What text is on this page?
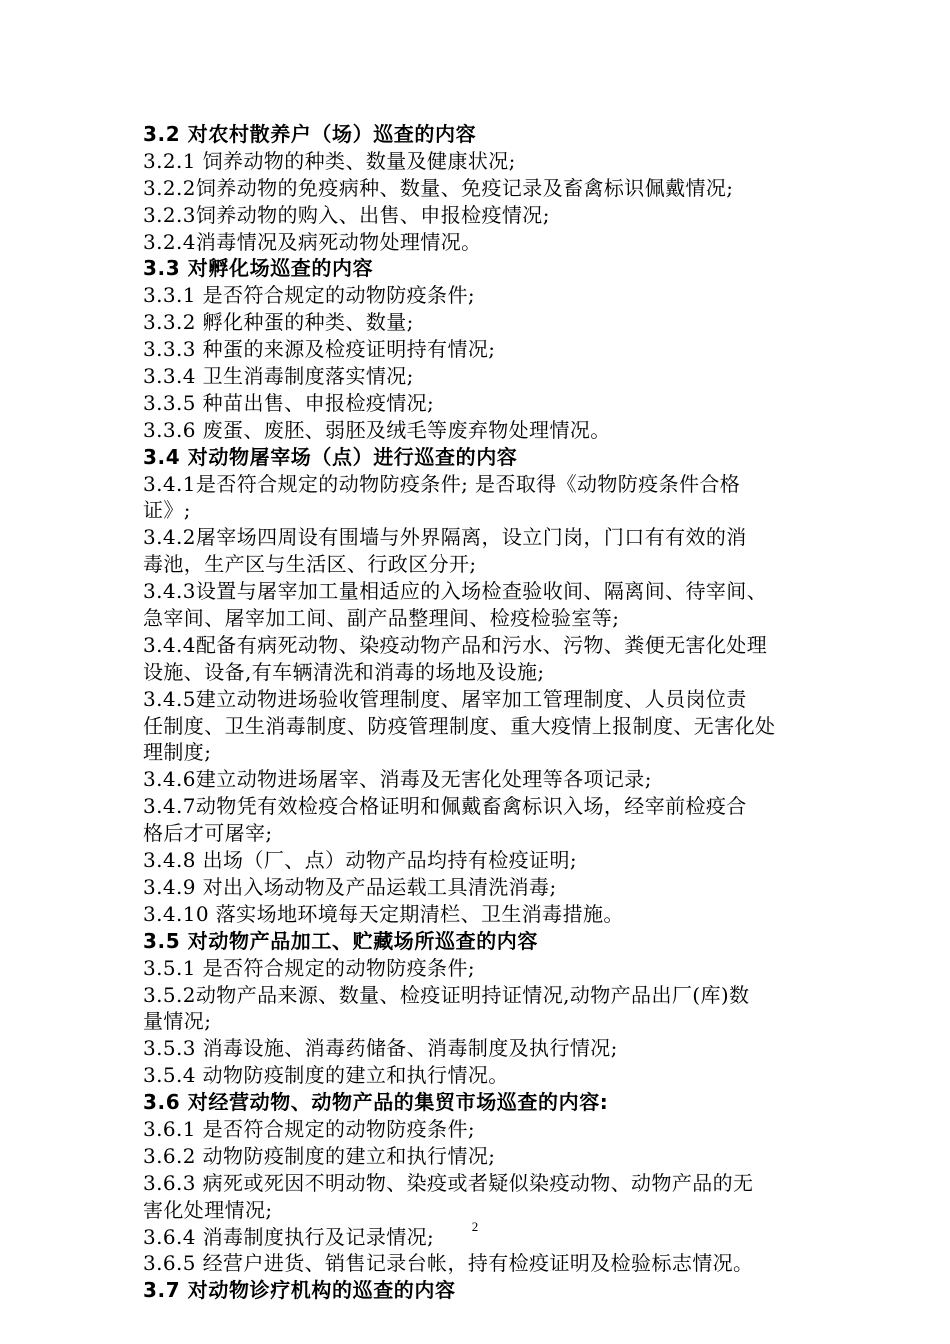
3.2 对农村散养户（场）巡查的内容
3.2.1 饲养动物的种类、数量及健康状况;
3.2.2饲养动物的免疫病种、数量、免疫记录及畜禽标识佩戴情况;
3.2.3饲养动物的购入、出售、申报检疫情况;
3.2.4消毒情况及病死动物处理情况。
3.3 对孵化场巡查的内容
3.3.1 是否符合规定的动物防疫条件;
3.3.2 孵化种蛋的种类、数量;
3.3.3 种蛋的来源及检疫证明持有情况;
3.3.4 卫生消毒制度落实情况;
3.3.5 种苗出售、申报检疫情况;
3.3.6 废蛋、废胚、弱胚及绒毛等废弃物处理情况。
3.4 对动物屠宰场（点）进行巡查的内容
3.4.1是否符合规定的动物防疫条件; 是否取得《动物防疫条件合格
证》;
3.4.2屠宰场四周设有围墙与外界隔离，设立门岗，门口有有效的消
毒池，生产区与生活区、行政区分开;
3.4.3设置与屠宰加工量相适应的入场检查验收间、隔离间、待宰间、
急宰间、屠宰加工间、副产品整理间、检疫检验室等;
3.4.4配备有病死动物、染疫动物产品和污水、污物、粪便无害化处理
设施、设备,有车辆清洗和消毒的场地及设施;
3.4.5建立动物进场验收管理制度、屠宰加工管理制度、人员岗位责
任制度、卫生消毒制度、防疫管理制度、重大疫情上报制度、无害化处
理制度;
3.4.6建立动物进场屠宰、消毒及无害化处理等各项记录;
3.4.7动物凭有效检疫合格证明和佩戴畜禽标识入场，经宰前检疫合
格后才可屠宰;
3.4.8 出场（厂、点）动物产品均持有检疫证明;
3.4.9 对出入场动物及产品运载工具清洗消毒;
3.4.10 落实场地环境每天定期清栏、卫生消毒措施。
3.5 对动物产品加工、贮藏场所巡查的内容
3.5.1 是否符合规定的动物防疫条件;
3.5.2动物产品来源、数量、检疫证明持证情况,动物产品出厂(库)数
量情况;
3.5.3 消毒设施、消毒药储备、消毒制度及执行情况;
3.5.4 动物防疫制度的建立和执行情况。
3.6 对经营动物、动物产品的集贸市场巡查的内容:
3.6.1 是否符合规定的动物防疫条件;
3.6.2 动物防疫制度的建立和执行情况;
3.6.3 病死或死因不明动物、染疫或者疑似染疫动物、动物产品的无
害化处理情况;
3.6.4 消毒制度执行及记录情况;
3.6.5 经营户进货、销售记录台帐，持有检疫证明及检验标志情况。
3.7 对动物诊疗机构的巡查的内容
2
